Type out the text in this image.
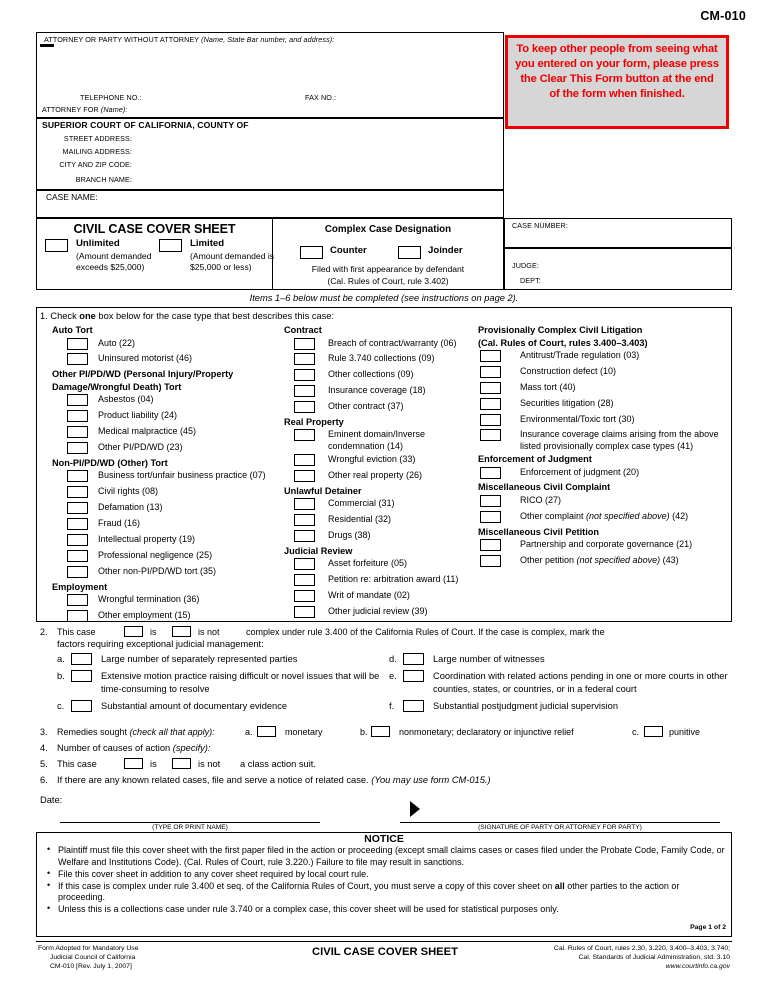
CM-010
ATTORNEY OR PARTY WITHOUT ATTORNEY (Name, State Bar number, and address):
TELEPHONE NO.:	FAX NO.:
ATTORNEY FOR (Name):
To keep other people from seeing what you entered on your form, please press the Clear This Form button at the end of the form when finished.
SUPERIOR COURT OF CALIFORNIA, COUNTY OF
STREET ADDRESS:
MAILING ADDRESS:
CITY AND ZIP CODE:
BRANCH NAME:
CASE NAME:
CIVIL CASE COVER SHEET
Unlimited
(Amount demanded exceeds $25,000)
Limited
(Amount demanded is $25,000 or less)
Complex Case Designation
Counter	Joinder
Filed with first appearance by defendant
(Cal. Rules of Court, rule 3.402)
CASE NUMBER:
JUDGE:
DEPT:
Items 1–6 below must be completed (see instructions on page 2).
1. Check one box below for the case type that best describes this case:
Auto Tort
Auto (22)
Uninsured motorist (46)
Other PI/PD/WD (Personal Injury/Property
Damage/Wrongful Death) Tort
Asbestos (04)
Product liability (24)
Medical malpractice (45)
Other PI/PD/WD (23)
Non-PI/PD/WD (Other) Tort
Business tort/unfair business practice (07)
Civil rights (08)
Defamation (13)
Fraud (16)
Intellectual property (19)
Professional negligence (25)
Other non-PI/PD/WD tort (35)
Employment
Wrongful termination (36)
Other employment (15)
Contract
Breach of contract/warranty (06)
Rule 3.740 collections (09)
Other collections (09)
Insurance coverage (18)
Other contract (37)
Real Property
Eminent domain/Inverse condemnation (14)
Wrongful eviction (33)
Other real property (26)
Unlawful Detainer
Commercial (31)
Residential (32)
Drugs (38)
Judicial Review
Asset forfeiture (05)
Petition re: arbitration award (11)
Writ of mandate (02)
Other judicial review (39)
Provisionally Complex Civil Litigation
(Cal. Rules of Court, rules 3.400–3.403)
Antitrust/Trade regulation (03)
Construction defect (10)
Mass tort (40)
Securities litigation (28)
Environmental/Toxic tort (30)
Insurance coverage claims arising from the above listed provisionally complex case types (41)
Enforcement of Judgment
Enforcement of judgment (20)
Miscellaneous Civil Complaint
RICO (27)
Other complaint (not specified above) (42)
Miscellaneous Civil Petition
Partnership and corporate governance (21)
Other petition (not specified above) (43)
2. This case	is	is not	complex under rule 3.400 of the California Rules of Court. If the case is complex, mark the
factors requiring exceptional judicial management:
a.	Large number of separately represented parties
b.	Extensive motion practice raising difficult or novel issues that will be time-consuming to resolve
c.	Substantial amount of documentary evidence
d.	Large number of witnesses
e.	Coordination with related actions pending in one or more courts in other counties, states, or countries, or in a federal court
f.	Substantial postjudgment judicial supervision
3. Remedies sought (check all that apply):	a.	monetary	b.	nonmonetary; declaratory or injunctive relief	c.	punitive
4. Number of causes of action (specify):
5. This case	is	is not a class action suit.
6. If there are any known related cases, file and serve a notice of related case. (You may use form CM-015.)
Date:
(TYPE OR PRINT NAME)	(SIGNATURE OF PARTY OR ATTORNEY FOR PARTY)
NOTICE
• Plaintiff must file this cover sheet with the first paper filed in the action or proceeding (except small claims cases or cases filed under the Probate Code, Family Code, or Welfare and Institutions Code). (Cal. Rules of Court, rule 3.220.) Failure to file may result in sanctions.
• File this cover sheet in addition to any cover sheet required by local court rule.
• If this case is complex under rule 3.400 et seq. of the California Rules of Court, you must serve a copy of this cover sheet on all other parties to the action or proceeding.
• Unless this is a collections case under rule 3.740 or a complex case, this cover sheet will be used for statistical purposes only.
Page 1 of 2
Form Adopted for Mandatory Use
Judicial Council of California
CM-010 [Rev. July 1, 2007]
CIVIL CASE COVER SHEET	Cal. Rules of Court, rules 2.30, 3.220, 3.400–3.403, 3.740;
Cal. Standards of Judicial Administration, std. 3.10
www.courtinfo.ca.gov
